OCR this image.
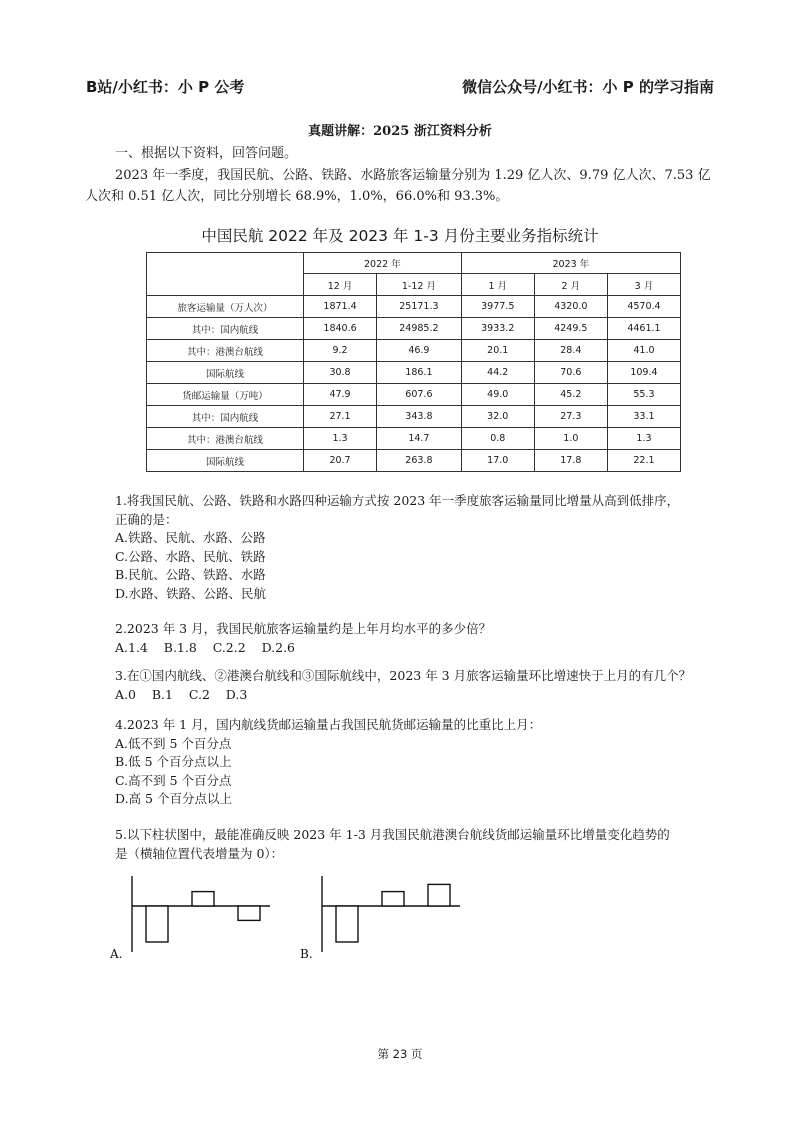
B站/小红书：小 P 公考	微信公众号/小红书：小 P 的学习指南
真题讲解：2025 浙江资料分析
一、根据以下资料，回答问题。
2023 年一季度，我国民航、公路、铁路、水路旅客运输量分别为 1.29 亿人次、9.79 亿人次、7.53 亿
人次和 0.51 亿人次，同比分别增长 68.9%，1.0%，66.0%和 93.3%。
中国民航 2022 年及 2023 年 1-3 月份主要业务指标统计
	2022 年		2023 年		
	12 月	1-12 月	1 月	2 月	3 月
旅客运输量（万人次）	1871.4	25171.3	3977.5	4320.0	4570.4
其中：国内航线	1840.6	24985.2	3933.2	4249.5	4461.1
其中：港澳台航线	9.2	46.9	20.1	28.4	41.0
国际航线	30.8	186.1	44.2	70.6	109.4
货邮运输量（万吨）	47.9	607.6	49.0	45.2	55.3
其中：国内航线	27.1	343.8	32.0	27.3	33.1
其中：港澳台航线	1.3	14.7	0.8	1.0	1.3
国际航线	20.7	263.8	17.0	17.8	22.1
1.将我国民航、公路、铁路和水路四种运输方式按 2023 年一季度旅客运输量同比增量从高到低排序，
正确的是：
A.铁路、民航、水路、公路
C.公路、水路、民航、铁路
B.民航、公路、铁路、水路
D.水路、铁路、公路、民航
2.2023 年 3 月，我国民航旅客运输量约是上年月均水平的多少倍？
A.1.4    B.1.8    C.2.2    D.2.6
3.在①国内航线、②港澳台航线和③国际航线中，2023 年 3 月旅客运输量环比增速快于上月的有几个？
A.0    B.1    C.2    D.3
4.2023 年 1 月，国内航线货邮运输量占我国民航货邮运输量的比重比上月：
A.低不到 5 个百分点
B.低 5 个百分点以上
C.高不到 5 个百分点
D.高 5 个百分点以上
5.以下柱状图中，最能准确反映 2023 年 1-3 月我国民航港澳台航线货邮运输量环比增量变化趋势的
是（横轴位置代表增量为 0）：
A.	B.
第 23 页
